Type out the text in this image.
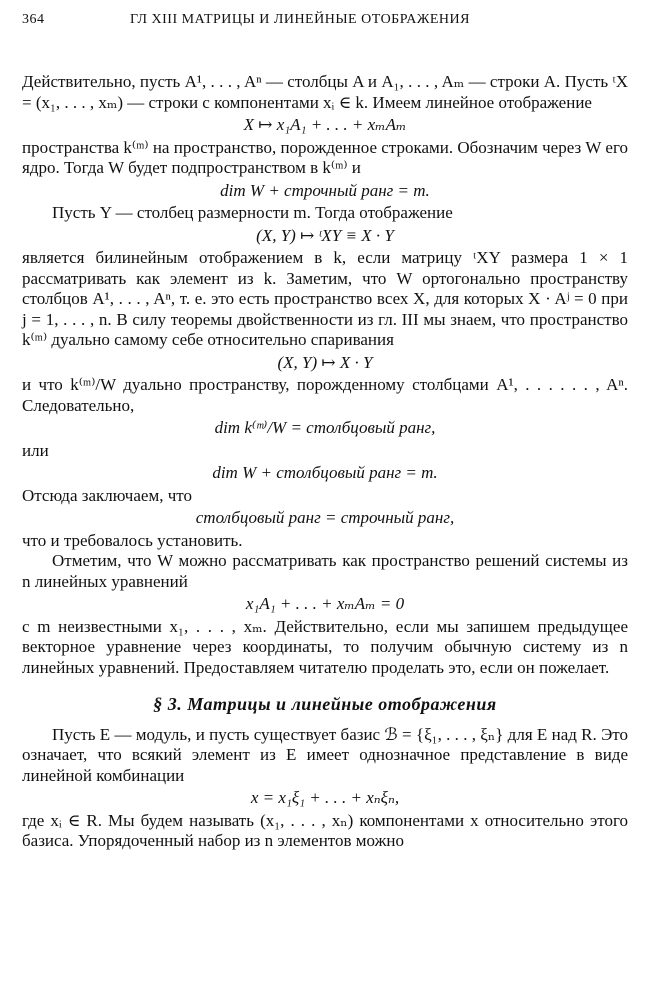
364	ГЛ XIII МАТРИЦЫ И ЛИНЕЙНЫЕ ОТОБРАЖЕНИЯ

Действительно, пусть A¹, . . . , Aⁿ — столбцы A и A₁, . . . , Aₘ — строки A. Пусть ᵗX = (x₁, . . . , xₘ) — строки с компонентами xᵢ ∈ k. Имеем линейное отображение

X ↦ x₁A₁ + . . . + xₘAₘ

пространства k⁽ᵐ⁾ на пространство, порожденное строками. Обозначим через W его ядро. Тогда W будет подпространством в k⁽ᵐ⁾ и

dim W + строчный ранг = m.

Пусть Y — столбец размерности m. Тогда отображение

(X, Y) ↦ ᵗXY ≡ X · Y

является билинейным отображением в k, если матрицу ᵗXY размера 1 × 1 рассматривать как элемент из k. Заметим, что W ортогонально пространству столбцов A¹, . . . , Aⁿ, т. е. это есть пространство всех X, для которых X · Aʲ = 0 при j = 1, . . . , n. В силу теоремы двойственности из гл. III мы знаем, что пространство k⁽ᵐ⁾ дуально самому себе относительно спаривания

(X, Y) ↦ X · Y

и что k⁽ᵐ⁾/W дуально пространству, порожденному столбцами A¹, . . . . . . , Aⁿ. Следовательно,

dim k⁽ᵐ⁾/W = столбцовый ранг,

или

dim W + столбцовый ранг = m.

Отсюда заключаем, что

столбцовый ранг = строчный ранг,

что и требовалось установить.

Отметим, что W можно рассматривать как пространство решений системы из n линейных уравнений

x₁A₁ + . . . + xₘAₘ = 0

с m неизвестными x₁, . . . , xₘ. Действительно, если мы запишем предыдущее векторное уравнение через координаты, то получим обычную систему из n линейных уравнений. Предоставляем читателю проделать это, если он пожелает.

§ 3. Матрицы и линейные отображения

Пусть E — модуль, и пусть существует базис ℬ = {ξ₁, . . . , ξₙ} для E над R. Это означает, что всякий элемент из E имеет однозначное представление в виде линейной комбинации

x = x₁ξ₁ + . . . + xₙξₙ,

где xᵢ ∈ R. Мы будем называть (x₁, . . . , xₙ) компонентами x относительно этого базиса. Упорядоченный набор из n элементов можно
